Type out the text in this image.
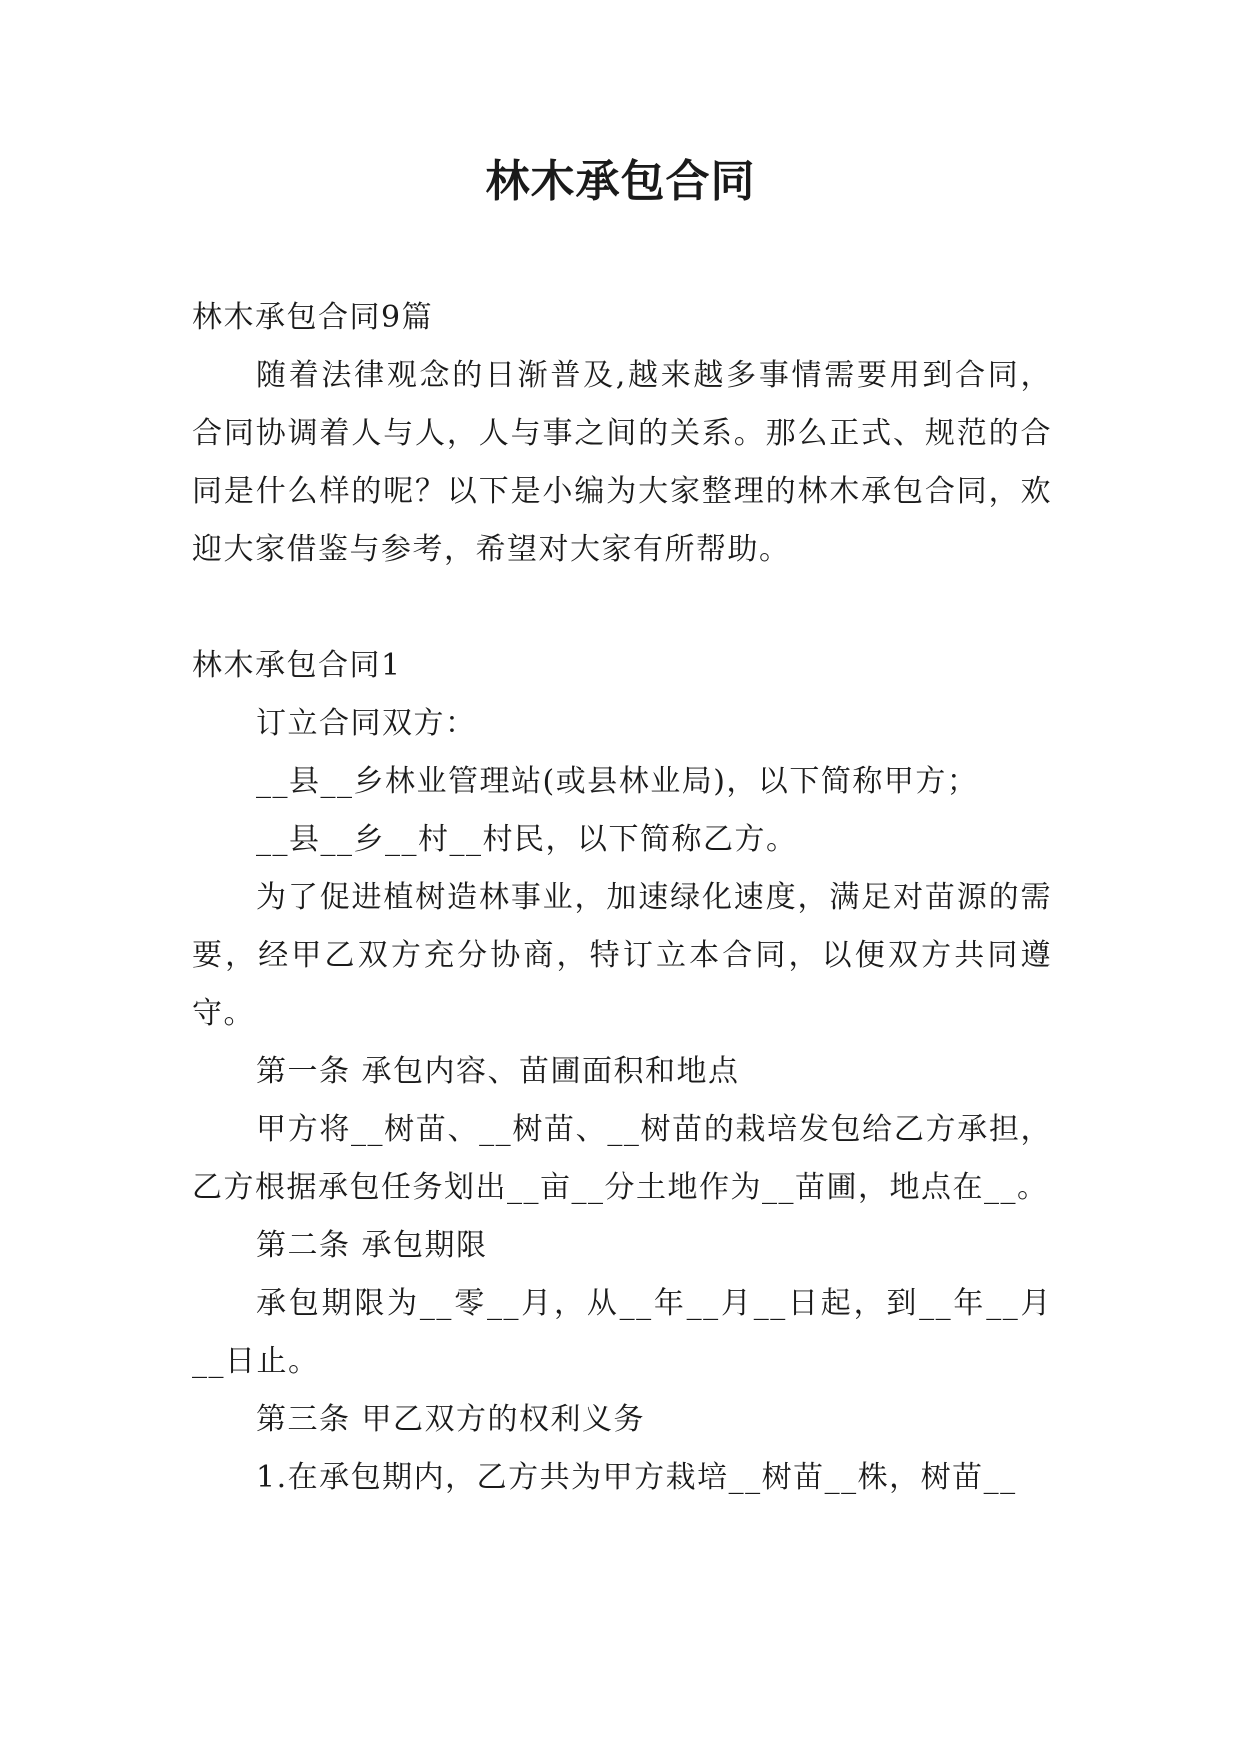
林木承包合同

林木承包合同9篇

随着法律观念的日渐普及,越来越多事情需要用到合同，合同协调着人与人，人与事之间的关系。那么正式、规范的合同是什么样的呢？以下是小编为大家整理的林木承包合同，欢迎大家借鉴与参考，希望对大家有所帮助。

林木承包合同1

订立合同双方：

__县__乡林业管理站(或县林业局)，以下简称甲方；

__县__乡__村__村民，以下简称乙方。

为了促进植树造林事业，加速绿化速度，满足对苗源的需要，经甲乙双方充分协商，特订立本合同，以便双方共同遵守。

第一条 承包内容、苗圃面积和地点

甲方将__树苗、__树苗、__树苗的栽培发包给乙方承担，乙方根据承包任务划出__亩__分土地作为__苗圃，地点在__。

第二条 承包期限

承包期限为__零__月，从__年__月__日起，到__年__月__日止。

第三条 甲乙双方的权利义务

1.在承包期内，乙方共为甲方栽培__树苗__株，树苗__
